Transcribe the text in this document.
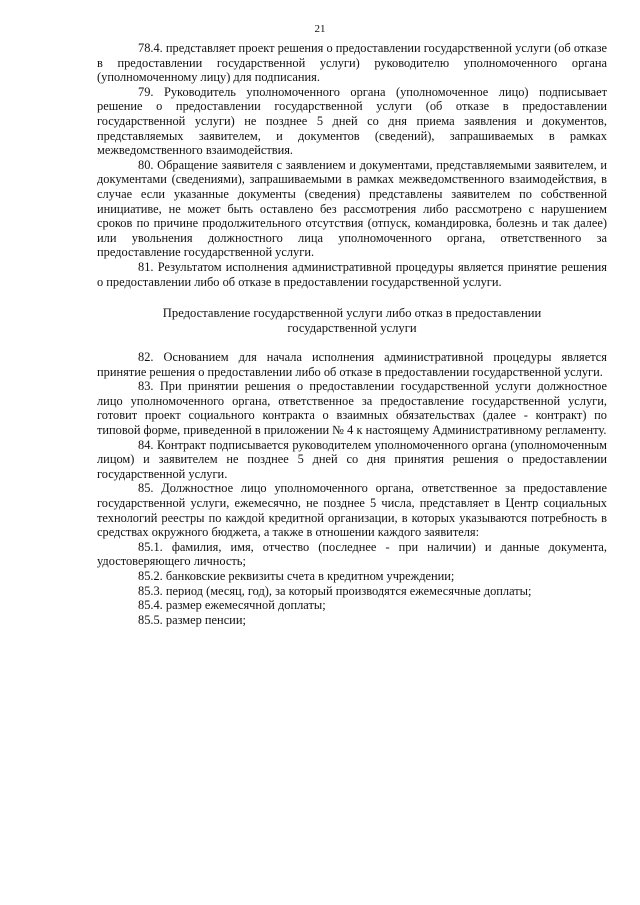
21

78.4. представляет проект решения о предоставлении государственной услуги (об отказе в предоставлении государственной услуги) руководителю уполномоченного органа (уполномоченному лицу) для подписания.

79. Руководитель уполномоченного органа (уполномоченное лицо) подписывает решение о предоставлении государственной услуги (об отказе в предоставлении государственной услуги) не позднее 5 дней со дня приема заявления и документов, представляемых заявителем, и документов (сведений), запрашиваемых в рамках межведомственного взаимодействия.

80. Обращение заявителя с заявлением и документами, представляемыми заявителем, и документами (сведениями), запрашиваемыми в рамках межведомственного взаимодействия, в случае если указанные документы (сведения) представлены заявителем по собственной инициативе, не может быть оставлено без рассмотрения либо рассмотрено с нарушением сроков по причине продолжительного отсутствия (отпуск, командировка, болезнь и так далее) или увольнения должностного лица уполномоченного органа, ответственного за предоставление государственной услуги.

81. Результатом исполнения административной процедуры является принятие решения о предоставлении либо об отказе в предоставлении государственной услуги.

Предоставление государственной услуги либо отказ в предоставлении государственной услуги

82. Основанием для начала исполнения административной процедуры является принятие решения о предоставлении либо об отказе в предоставлении государственной услуги.

83. При принятии решения о предоставлении государственной услуги должностное лицо уполномоченного органа, ответственное за предоставление государственной услуги, готовит проект социального контракта о взаимных обязательствах (далее - контракт) по типовой форме, приведенной в приложении № 4 к настоящему Административному регламенту.

84. Контракт подписывается руководителем уполномоченного органа (уполномоченным лицом) и заявителем не позднее 5 дней со дня принятия решения о предоставлении государственной услуги.

85. Должностное лицо уполномоченного органа, ответственное за предоставление государственной услуги, ежемесячно, не позднее 5 числа, представляет в Центр социальных технологий реестры по каждой кредитной организации, в которых указываются потребность в средствах окружного бюджета, а также в отношении каждого заявителя:

85.1. фамилия, имя, отчество (последнее - при наличии) и данные документа, удостоверяющего личность;

85.2. банковские реквизиты счета в кредитном учреждении;

85.3. период (месяц, год), за который производятся ежемесячные доплаты;

85.4. размер ежемесячной доплаты;

85.5. размер пенсии;
